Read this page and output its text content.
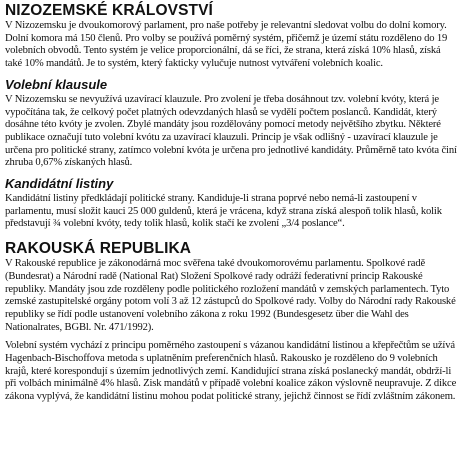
NIZOZEMSKÉ KRÁLOVSTVÍ

V Nizozemsku je dvoukomorový parlament, pro naše potřeby je relevantní sledovat volbu do dolní komory. Dolní komora má 150 členů. Pro volby se používá poměrný systém, přičemž je území státu rozděleno do 19 volebních obvodů. Tento systém je velice proporcionální, dá se říci, že strana, která získá 10% hlasů, získá také 10% mandátů. Je to systém, který fakticky vylučuje nutnost vytváření volebních koalic.

Volební klausule

V Nizozemsku se nevyužívá uzavírací klauzule. Pro zvolení je třeba dosáhnout tzv. volební kvóty, která je vypočítána tak, že celkový počet platných odevzdaných hlasů se vydělí počtem poslanců. Kandidát, který dosáhne této kvóty je zvolen. Zbylé mandáty jsou rozdělovány pomocí metody největšího zbytku. Některé publikace označují tuto volební kvótu za uzavírací klauzuli. Princip je však odlišný - uzavírací klauzule je určena pro politické strany, zatímco volební kvóta je určena pro jednotlivé kandidáty. Průměrně tato kvóta činí zhruba 0,67% získaných hlasů.

Kandidátní listiny

Kandidátní listiny předkládají politické strany. Kandiduje-li strana poprvé nebo nemá-li zastoupení v parlamentu, musí složit kauci 25 000 guldenů, která je vrácena, když strana získá alespoň tolik hlasů, kolik představují ¾ volební kvóty, tedy tolik hlasů, kolik stačí ke zvolení „3/4 poslance“.

RAKOUSKÁ REPUBLIKA

V Rakouské republice je zákonodárná moc svěřena také dvoukomorovému parlamentu. Spolkové radě (Bundesrat) a Národní radě (National Rat) Složení Spolkové rady odráží federativní princip Rakouské republiky. Mandáty jsou zde rozděleny podle politického rozložení mandátů v zemských parlamentech. Tyto zemské zastupitelské orgány potom volí 3 až 12 zástupců do Spolkové rady. Volby do Národní rady Rakouské republiky se řídí podle ustanovení volebního zákona z roku 1992 (Bundesgesetz über die Wahl des Nationalrates, BGBl. Nr. 471/1992).

Volební systém vychází z principu poměrného zastoupení s vázanou kandidátní listinou a křepřečtům se užívá Hagenbach-Bischoffova metoda s uplatněním preferenčních hlasů. Rakousko je rozděleno do 9 volebních krajů, které korespondují s územím jednotlivých zemí. Kandidující strana získá poslanecký mandát, obdrží-li při volbách minimálně 4% hlasů. Zisk mandátů v případě volební koalice zákon výslovně neupravuje. Z dikce zákona vyplývá, že kandidátní listinu mohou podat politické strany, jejichž činnost se řídí zvláštním zákonem.
